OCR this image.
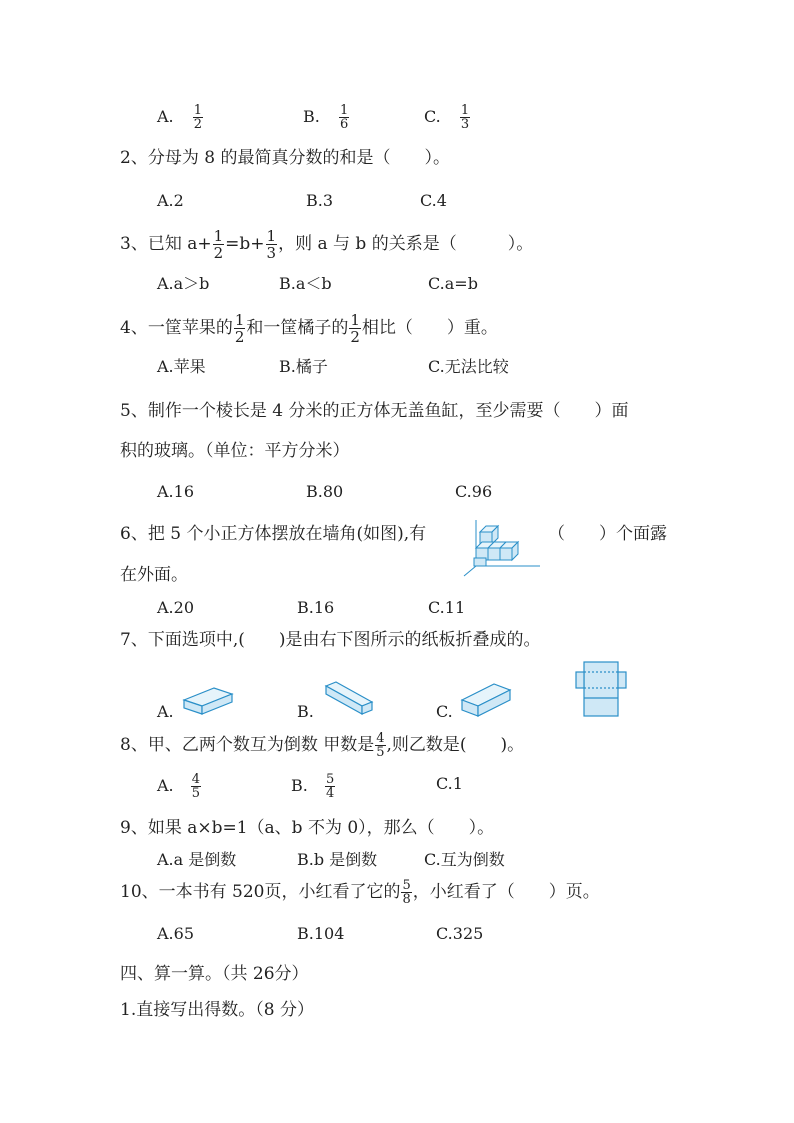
A. $\frac{1}{2}$	B. $\frac{1}{6}$	C. $\frac{1}{3}$
2、分母为 8 的最简真分数的和是（　　）。
A.2	B.3	C.4
3、已知 $a+ \frac{1}{2} =b+ \frac{1}{3}$ ，则 a 与 b 的关系是（　　　）。
A.a＞b	B.a＜b	C.a=b
4、一筐苹果的 $\frac{1}{2}$ 和一筐橘子的 $\frac{1}{2}$ 相比（　　）重。
A.苹果	B.橘子	C.无法比较
5、制作一个棱长是 4 分米的正方体无盖鱼缸，至少需要（　　）面
积的玻璃。（单位：平方分米）
A.16	B.80	C.96
6、把 5 个小正方体摆放在墙角(如图),有	（　　）个面露
在外面。
A.20	B.16	C.11
7、下面选项中,(　　)是由右下图所示的纸板折叠成的。
A.	B.	C.
8、甲、乙两个数互为倒数 甲数是 $\frac{4}{5}$ ,则乙数是(　　)。
A. $\frac{4}{5}$	B. $\frac{5}{4}$	C.1
9、如果 a×b=1（a、b 不为 0），那么（　　）。
A.a 是倒数	B.b 是倒数	C.互为倒数
10、一本书有 520页，小红看了它的 $\frac{5}{8}$ ，小红看了（　　）页。
A.65	B.104	C.325
四、算一算。（共 26分）
1.直接写出得数。（8 分）
